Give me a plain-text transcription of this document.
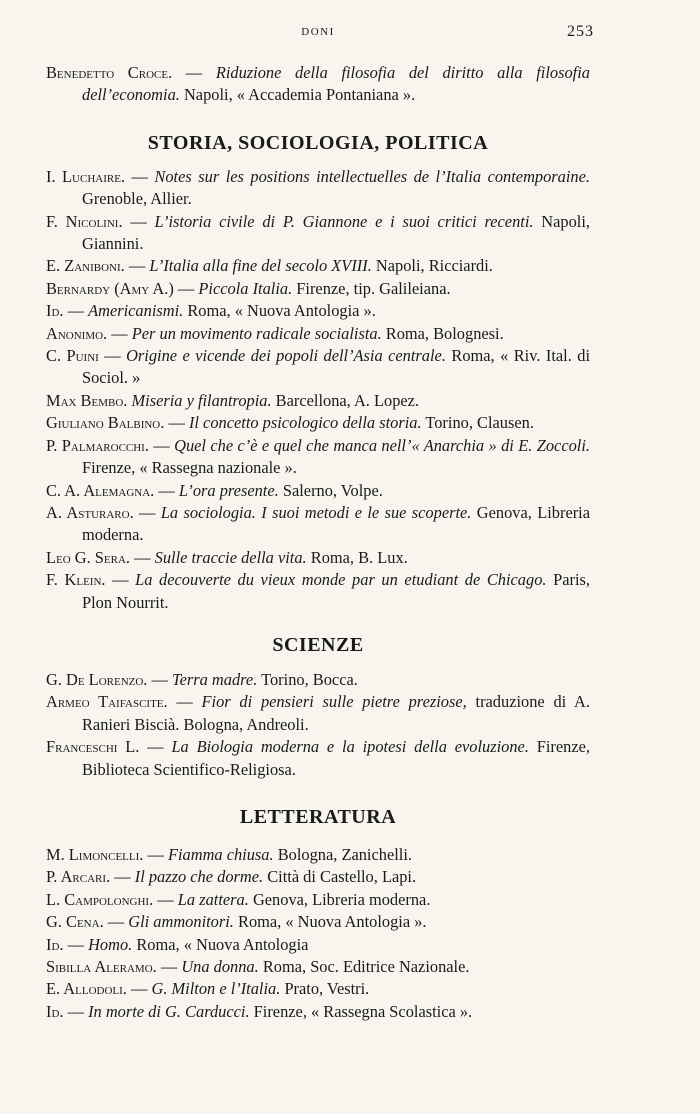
DONI	253

Benedetto Croce. — Riduzione della filosofia del diritto alla filosofia dell’economia. Napoli, « Accademia Pontaniana ».

STORIA, SOCIOLOGIA, POLITICA

I. Luchaire. — Notes sur les positions intellectuelles de l’Italia contemporaine. Grenoble, Allier.

F. Nicolini. — L’istoria civile di P. Giannone e i suoi critici recenti. Napoli, Giannini.

E. Zaniboni. — L’Italia alla fine del secolo XVIII. Napoli, Ricciardi.

Bernardy (Amy A.) — Piccola Italia. Firenze, tip. Galileiana.

Id. — Americanismi. Roma, « Nuova Antologia ».

Anonimo. — Per un movimento radicale socialista. Roma, Bolognesi.

C. Puini — Origine e vicende dei popoli dell’Asia centrale. Roma, « Riv. Ital. di Sociol. »

Max Bembo. Miseria y filantropia. Barcellona, A. Lopez.

Giuliano Balbino. — Il concetto psicologico della storia. Torino, Clausen.

P. Palmarocchi. — Quel che c’è e quel che manca nell’« Anarchia » di E. Zoccoli. Firenze, « Rassegna nazionale ».

C. A. Alemagna. — L’ora presente. Salerno, Volpe.

A. Asturaro. — La sociologia. I suoi metodi e le sue scoperte. Genova, Libreria moderna.

Leo G. Sera. — Sulle traccie della vita. Roma, B. Lux.

F. Klein. — La decouverte du vieux monde par un etudiant de Chicago. Paris, Plon Nourrit.

SCIENZE

G. De Lorenzo. — Terra madre. Torino, Bocca.

Armeo Taifascite. — Fior di pensieri sulle pietre preziose, traduzione di A. Ranieri Biscià. Bologna, Andreoli.

Franceschi L. — La Biologia moderna e la ipotesi della evoluzione. Firenze, Biblioteca Scientifico-Religiosa.

LETTERATURA

M. Limoncelli. — Fiamma chiusa. Bologna, Zanichelli.

P. Arcari. — Il pazzo che dorme. Città di Castello, Lapi.

L. Campolonghi. — La zattera. Genova, Libreria moderna.

G. Cena. — Gli ammonitori. Roma, « Nuova Antologia ».

Id. — Homo. Roma, « Nuova Antologia

Sibilla Aleramo. — Una donna. Roma, Soc. Editrice Nazionale.

E. Allodoli. — G. Milton e l’Italia. Prato, Vestri.

Id. — In morte di G. Carducci. Firenze, « Rassegna Scolastica ».
